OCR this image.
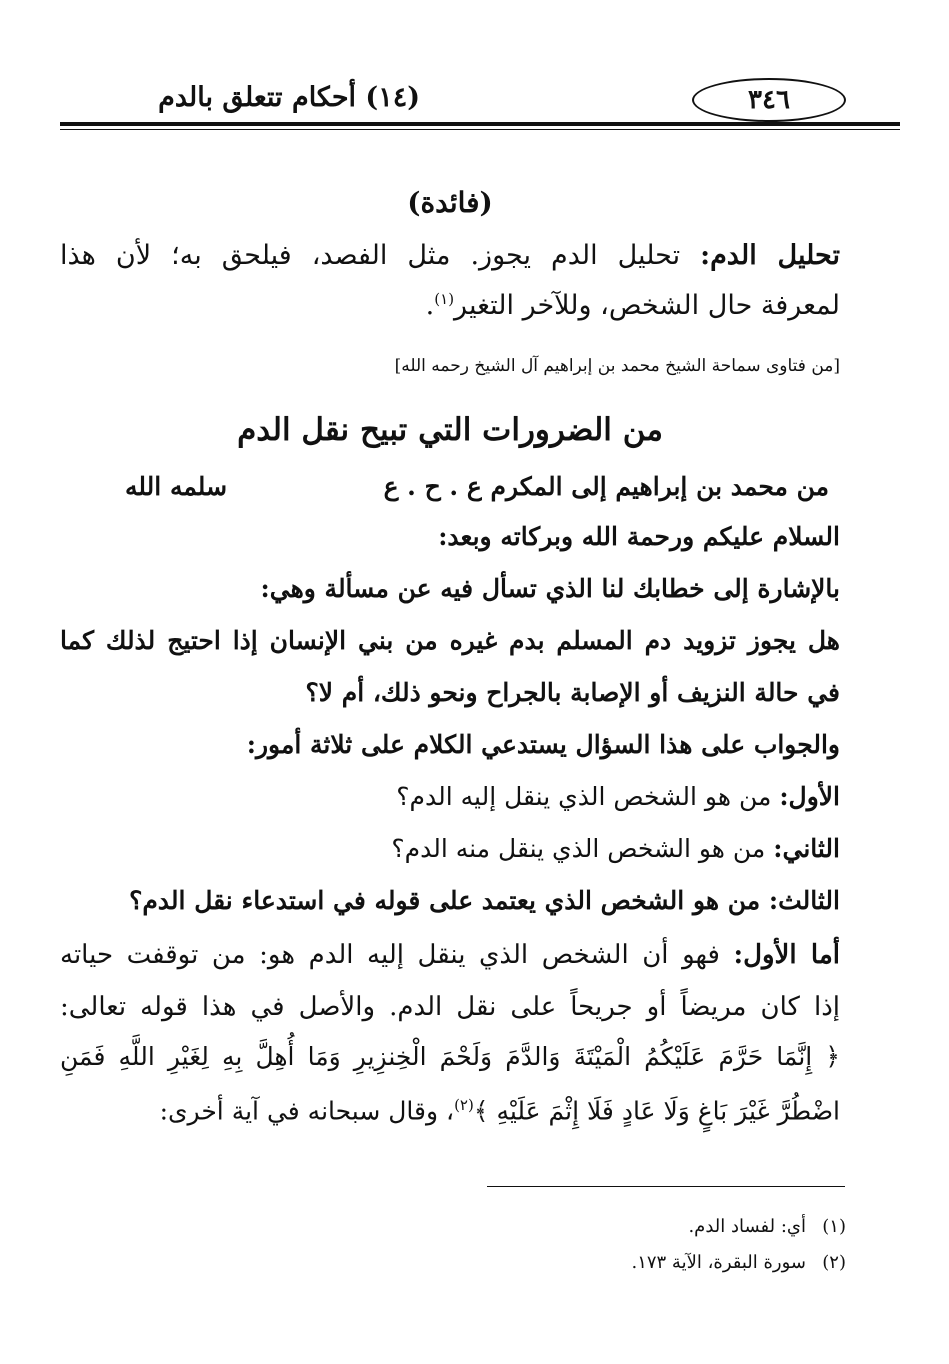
٣٤٦
(١٤) أحكام تتعلق بالدم
(فائدة)
تحليل الدم: تحليل الدم يجوز. مثل الفصد، فيلحق به؛ لأن هذا
لمعرفة حال الشخص، وللآخر التغير$^{(١)}$.
[من فتاوى سماحة الشيخ محمد بن إبراهيم آل الشيخ رحمه الله]
من الضرورات التي تبيح نقل الدم
من محمد بن إبراهيم إلى المكرم ع . ح . ع
سلمه الله
السلام عليكم ورحمة الله وبركاته وبعد:
بالإشارة إلى خطابك لنا الذي تسأل فيه عن مسألة وهي:
هل يجوز تزويد دم المسلم بدم غيره من بني الإنسان إذا احتيج لذلك كما
في حالة النزيف أو الإصابة بالجراح ونحو ذلك، أم لا؟
والجواب على هذا السؤال يستدعي الكلام على ثلاثة أمور:
الأول: من هو الشخص الذي ينقل إليه الدم؟
الثاني: من هو الشخص الذي ينقل منه الدم؟
الثالث: من هو الشخص الذي يعتمد على قوله في استدعاء نقل الدم؟
أما الأول: فهو أن الشخص الذي ينقل إليه الدم هو: من توقفت حياته
إذا كان مريضاً أو جريحاً على نقل الدم. والأصل في هذا قوله تعالى:
﴿ إِنَّمَا حَرَّمَ عَلَيْكُمُ الْمَيْتَةَ وَالدَّمَ وَلَحْمَ الْخِنزِيرِ وَمَا أُهِلَّ بِهِ لِغَيْرِ اللَّهِ فَمَنِ
اضْطُرَّ غَيْرَ بَاغٍ وَلَا عَادٍ فَلَا إِثْمَ عَلَيْهِ ﴾$^{(٢)}$، وقال سبحانه في آية أخرى:
(١)أي: لفساد الدم.
(٢)سورة البقرة، الآية ١٧٣.
